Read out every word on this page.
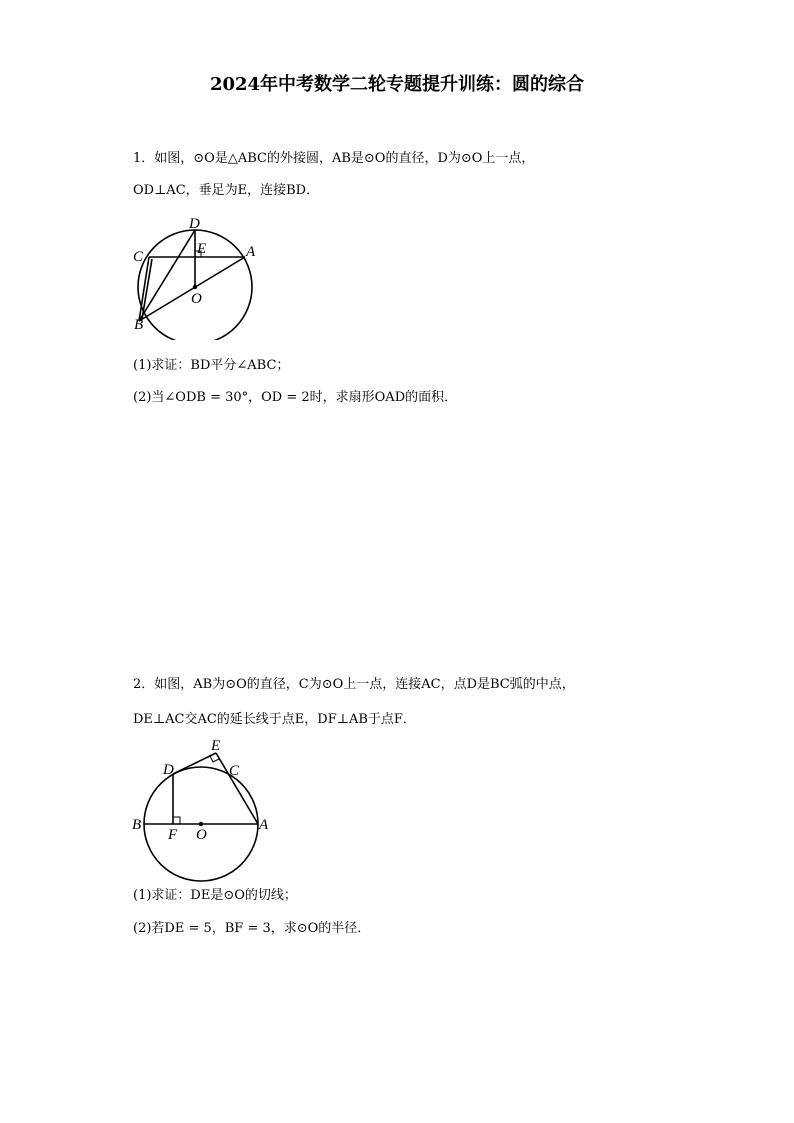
2024年中考数学二轮专题提升训练：圆的综合
1．如图，⊙O是△ABC的外接圆，AB是⊙O的直径，D为⊙O上一点，
OD⊥AC，垂足为E，连接BD．
D
E
C	A
O
B
(1)求证：BD平分∠ABC；
(2)当∠ODB = 30°，OD = 2时，求扇形OAD的面积．
2．如图，AB为⊙O的直径，C为⊙O上一点，连接AC，点D是BC弧的中点，
DE⊥AC交AC的延长线于点E，DF⊥AB于点F．
E
D	C
B
F O
A
(1)求证：DE是⊙O的切线；
(2)若DE = 5，BF = 3，求⊙O的半径．
